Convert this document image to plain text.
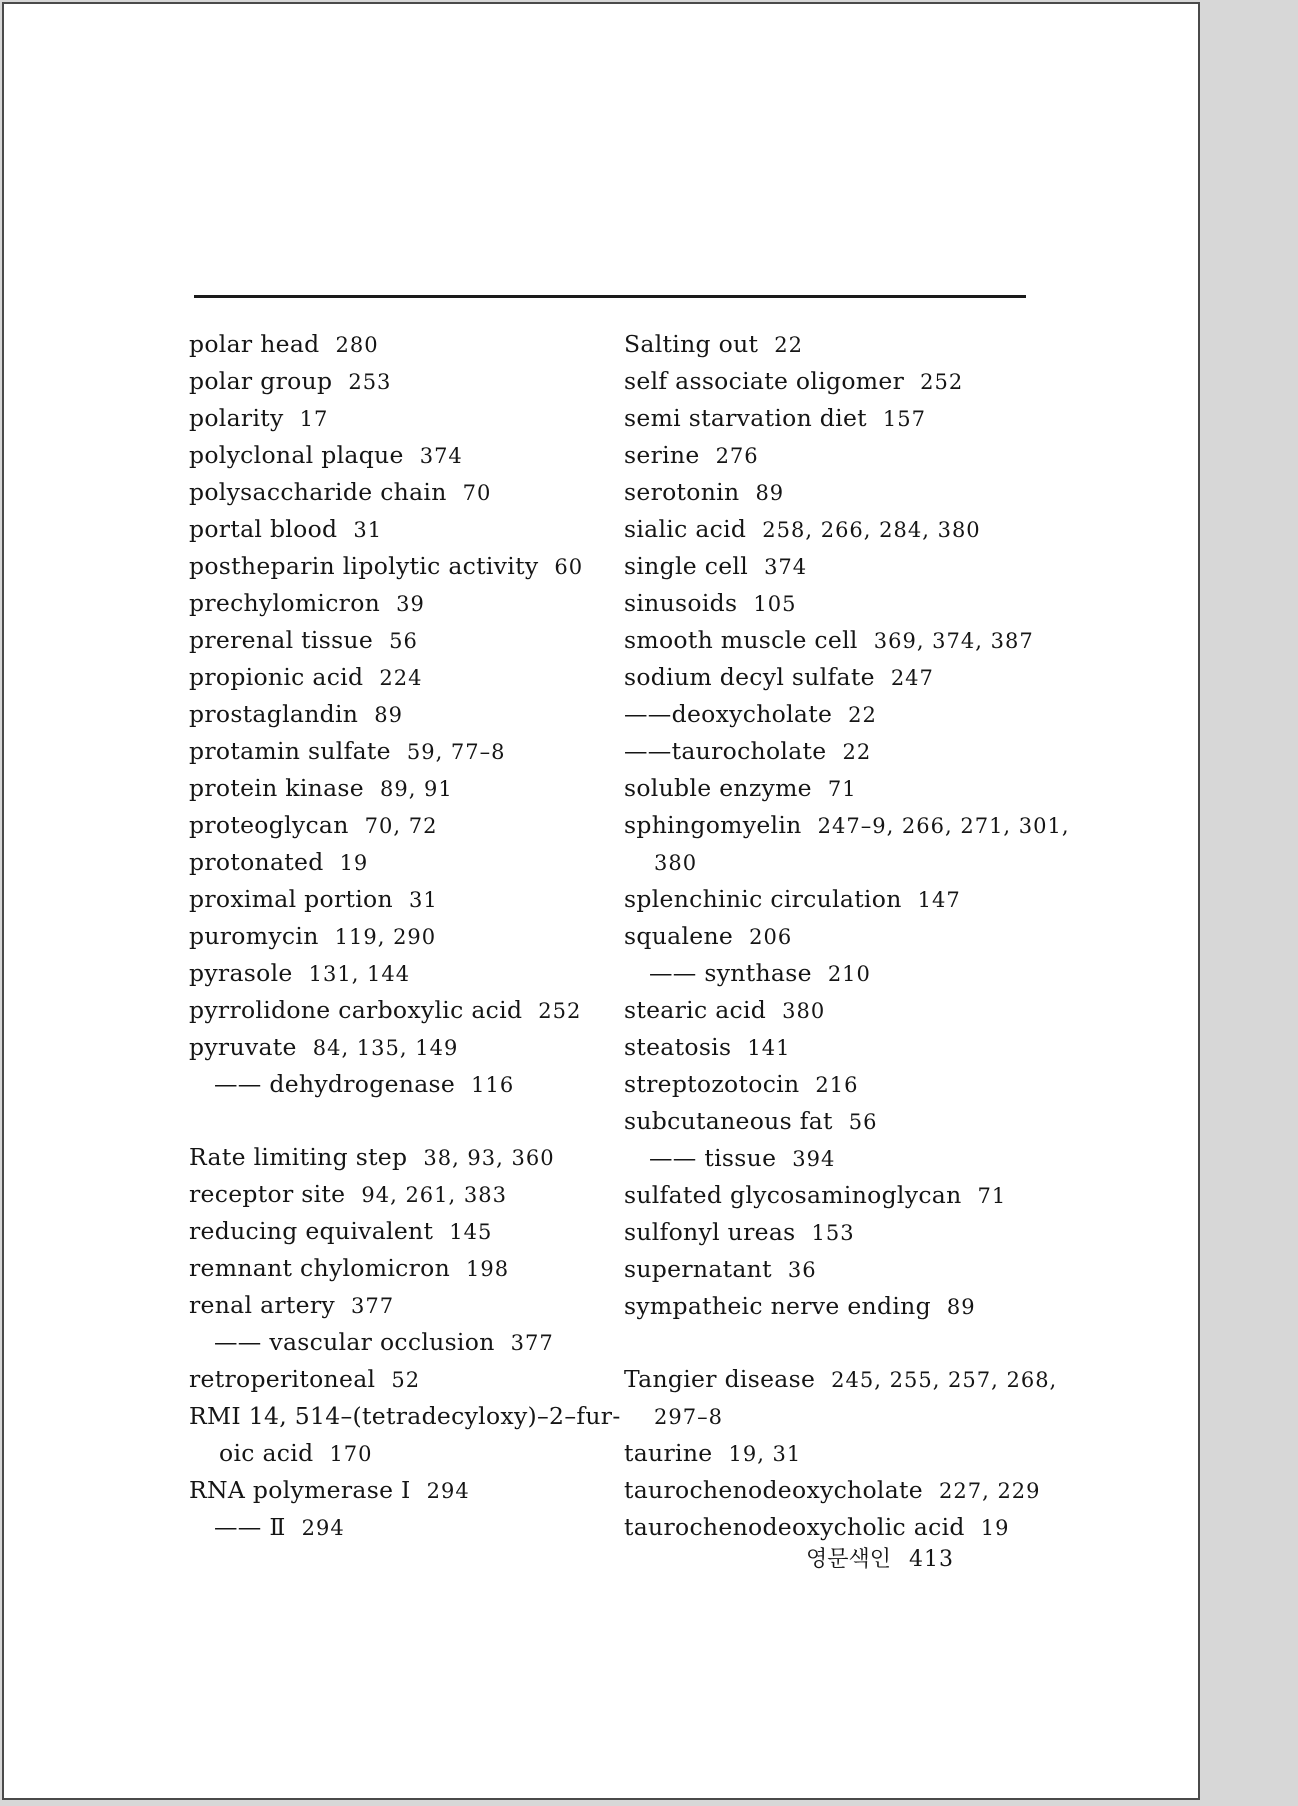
polar head 280
polar group 253
polarity 17
polyclonal plaque 374
polysaccharide chain 70
portal blood 31
postheparin lipolytic activity 60
prechylomicron 39
prerenal tissue 56
propionic acid 224
prostaglandin 89
protamin sulfate 59, 77–8
protein kinase 89, 91
proteoglycan 70, 72
protonated 19
proximal portion 31
puromycin 119, 290
pyrasole 131, 144
pyrrolidone carboxylic acid 252
pyruvate 84, 135, 149
—— dehydrogenase 116
Rate limiting step 38, 93, 360
receptor site 94, 261, 383
reducing equivalent 145
remnant chylomicron 198
renal artery 377
—— vascular occlusion 377
retroperitoneal 52
RMI 14, 514–(tetradecyloxy)–2–fur-
oic acid 170
RNA polymerase Ⅰ 294
—— Ⅱ 294
Salting out 22
self associate oligomer 252
semi starvation diet 157
serine 276
serotonin 89
sialic acid 258, 266, 284, 380
single cell 374
sinusoids 105
smooth muscle cell 369, 374, 387
sodium decyl sulfate 247
——deoxycholate 22
——taurocholate 22
soluble enzyme 71
sphingomyelin 247–9, 266, 271, 301,
380
splenchinic circulation 147
squalene 206
—— synthase 210
stearic acid 380
steatosis 141
streptozotocin 216
subcutaneous fat 56
—— tissue 394
sulfated glycosaminoglycan 71
sulfonyl ureas 153
supernatant 36
sympatheic nerve ending 89
Tangier disease 245, 255, 257, 268,
297–8
taurine 19, 31
taurochenodeoxycholate 227, 229
taurochenodeoxycholic acid 19
영문색인 413
